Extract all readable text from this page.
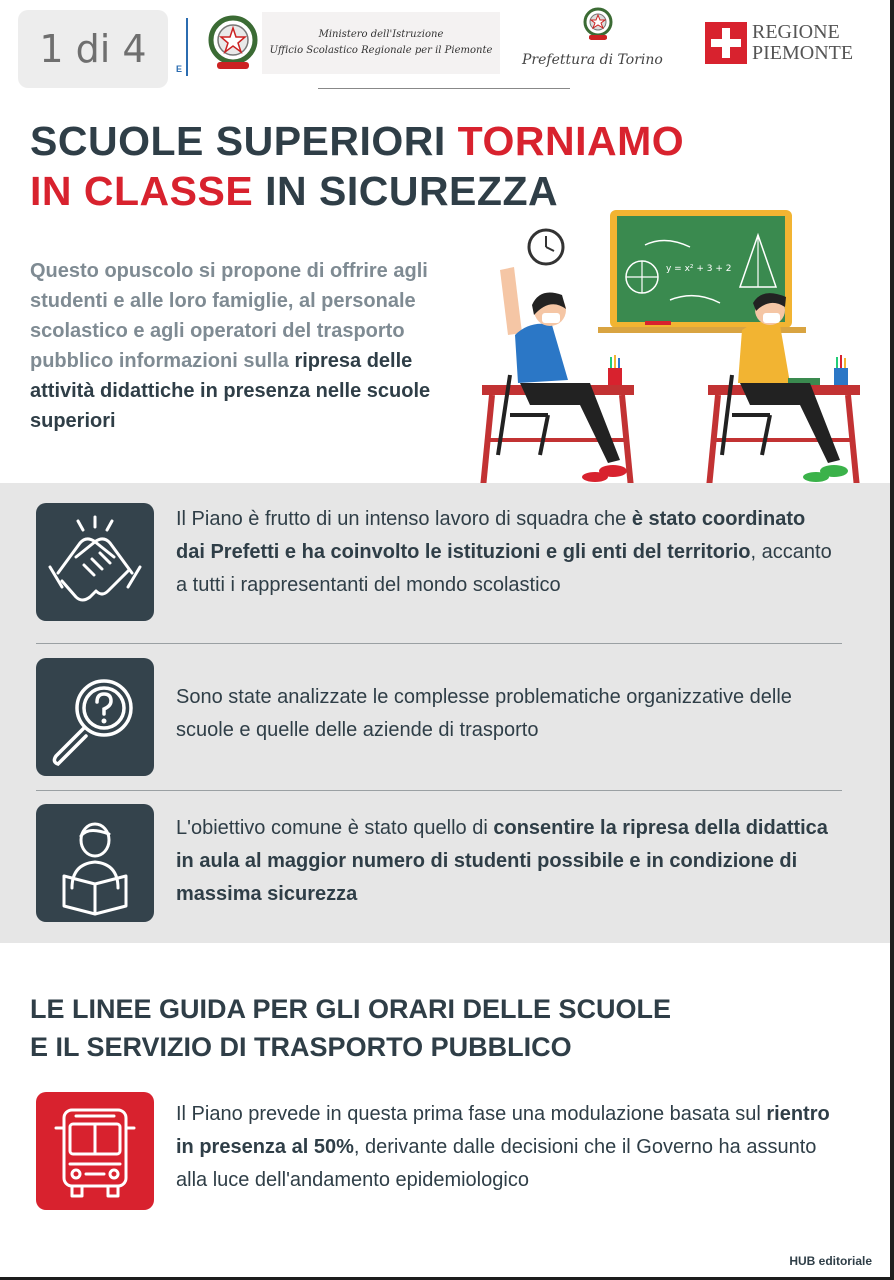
E
Ministero dell'Istruzione
Ufficio Scolastico Regionale per il Piemonte
Prefettura di Torino
REGIONE
PIEMONTE
1 di 4
SCUOLE SUPERIORI TORNIAMO
IN CLASSE IN SICUREZZA

Questo opuscolo si propone di offrire agli studenti e alle loro famiglie, al personale scolastico e agli operatori del trasporto pubblico informazioni sulla ripresa delle attività didattiche in presenza nelle scuole superiori

y = x² + 3 + 2

Il Piano è frutto di un intenso lavoro di squadra che è stato coordinato dai Prefetti e ha coinvolto le istituzioni e gli enti del territorio, accanto a tutti i rappresentanti del mondo scolastico

Sono state analizzate le complesse problematiche organizzative delle scuole e quelle delle aziende di trasporto

L'obiettivo comune è stato quello di consentire la ripresa della didattica in aula al maggior numero di studenti possibile e in condizione di massima sicurezza

LE LINEE GUIDA PER GLI ORARI DELLE SCUOLE
E IL SERVIZIO DI TRASPORTO PUBBLICO

Il Piano prevede in questa prima fase una modulazione basata sul rientro in presenza al 50%, derivante dalle decisioni che il Governo ha assunto alla luce dell'andamento epidemiologico

HUB editoriale
